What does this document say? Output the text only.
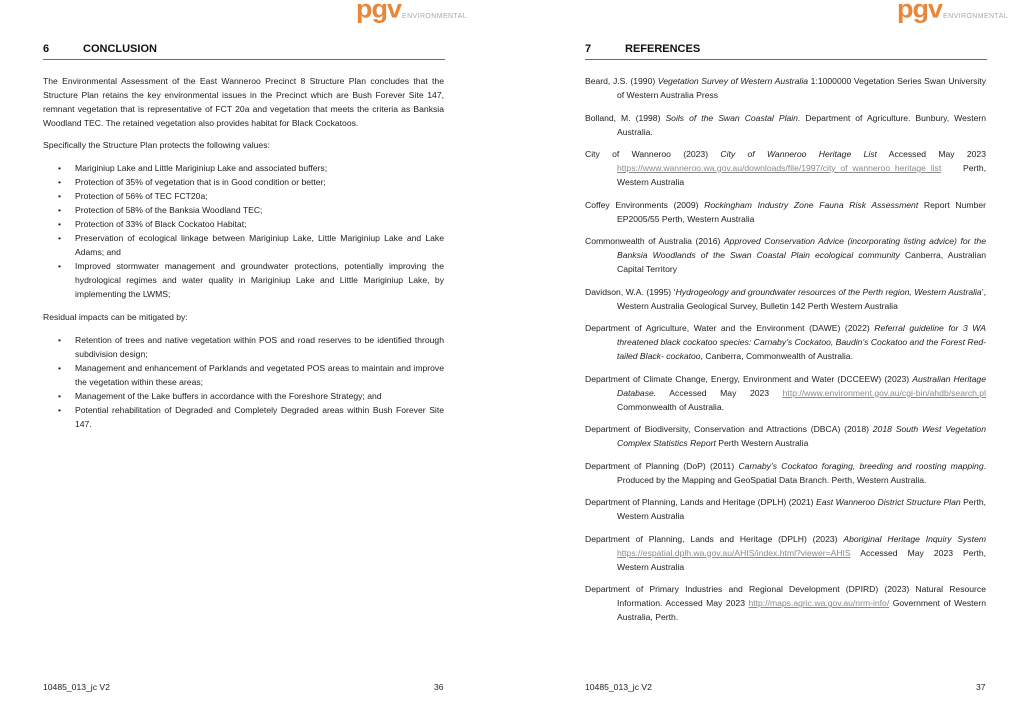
pgvENVIRONMENTAL
6	CONCLUSION

The Environmental Assessment of the East Wanneroo Precinct 8 Structure Plan concludes that the Structure Plan retains the key environmental issues in the Precinct which are Bush Forever Site 147, remnant vegetation that is representative of FCT 20a and vegetation that meets the criteria as Banksia Woodland TEC. The retained vegetation also provides habitat for Black Cockatoos.

Specifically the Structure Plan protects the following values:

• Mariginiup Lake and Little Mariginiup Lake and associated buffers;
• Protection of 35% of vegetation that is in Good condition or better;
• Protection of 56% of TEC FCT20a;
• Protection of 58% of the Banksia Woodland TEC;
• Protection of 33% of Black Cockatoo Habitat;
• Preservation of ecological linkage between Mariginiup Lake, Little Mariginiup Lake and Lake Adams; and
• Improved stormwater management and groundwater protections, potentially improving the hydrological regimes and water quality in Mariginiup Lake and Little Mariginiup Lake, by implementing the LWMS;

Residual impacts can be mitigated by:

• Retention of trees and native vegetation within POS and road reserves to be identified through subdivision design;
• Management and enhancement of Parklands and vegetated POS areas to maintain and improve the vegetation within these areas;
• Management of the Lake buffers in accordance with the Foreshore Strategy; and
• Potential rehabilitation of Degraded and Completely Degraded areas within Bush Forever Site 147.
10485_013_jc V2	36
pgvENVIRONMENTAL
7	REFERENCES

Beard, J.S. (1990) Vegetation Survey of Western Australia 1:1000000 Vegetation Series Swan University of Western Australia Press

Bolland, M. (1998) Soils of the Swan Coastal Plain. Department of Agriculture. Bunbury, Western Australia.

City of Wanneroo (2023) City of Wanneroo Heritage List Accessed May 2023 https://www.wanneroo.wa.gov.au/downloads/file/1997/city_of_wanneroo_heritage_list Perth, Western Australia

Coffey Environments (2009) Rockingham Industry Zone Fauna Risk Assessment Report Number EP2005/55 Perth, Western Australia

Commonwealth of Australia (2016) Approved Conservation Advice (incorporating listing advice) for the Banksia Woodlands of the Swan Coastal Plain ecological community Canberra, Australian Capital Territory

Davidson, W.A. (1995) ‘Hydrogeology and groundwater resources of the Perth region, Western Australia’, Western Australia Geological Survey, Bulletin 142 Perth Western Australia

Department of Agriculture, Water and the Environment (DAWE) (2022) Referral guideline for 3 WA threatened black cockatoo species: Carnaby’s Cockatoo, Baudin’s Cockatoo and the Forest Red-tailed Black- cockatoo, Canberra, Commonwealth of Australia.

Department of Climate Change, Energy, Environment and Water (DCCEEW) (2023) Australian Heritage Database. Accessed May 2023 http://www.environment.gov.au/cgi-bin/ahdb/search.pl Commonwealth of Australia.

Department of Biodiversity, Conservation and Attractions (DBCA) (2018) 2018 South West Vegetation Complex Statistics Report Perth Western Australia

Department of Planning (DoP) (2011) Carnaby’s Cockatoo foraging, breeding and roosting mapping. Produced by the Mapping and GeoSpatial Data Branch. Perth, Western Australia.

Department of Planning, Lands and Heritage (DPLH) (2021) East Wanneroo District Structure Plan Perth, Western Australia

Department of Planning, Lands and Heritage (DPLH) (2023) Aboriginal Heritage Inquiry System https://espatial.dplh.wa.gov.au/AHIS/index.html?viewer=AHIS Accessed May 2023 Perth, Western Australia

Department of Primary Industries and Regional Development (DPIRD) (2023) Natural Resource Information. Accessed May 2023 http://maps.agric.wa.gov.au/nrm-info/ Government of Western Australia, Perth.

10485_013_jc V2	37
